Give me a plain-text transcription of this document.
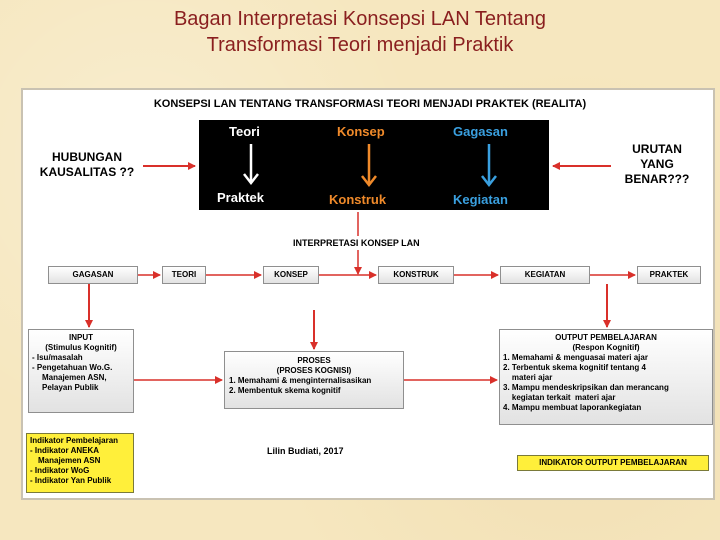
Bagan Interpretasi Konsepsi LAN Tentang
Transformasi Teori menjadi Praktik
KONSEPSI LAN TENTANG TRANSFORMASI TEORI MENJADI PRAKTEK (REALITA)
Teori	Konsep	Gagasan
Praktek	Konstruk	Kegiatan
HUBUNGAN
KAUSALITAS ??
URUTAN
YANG
BENAR???
INTERPRETASI KONSEP LAN
GAGASAN	TEORI	KONSEP	KONSTRUK	KEGIATAN	PRAKTEK
INPUT
(Stimulus Kognitif)
- Isu/masalah
- Pengetahuan Wo.G.
Manajemen ASN,
Pelayan Publik
PROSES
(PROSES KOGNISI)
1. Memahami & menginternalisasikan
2. Membentuk skema kognitif
OUTPUT PEMBELAJARAN
(Respon Kognitif)
1. Memahami & menguasai materi ajar
2. Terbentuk skema kognitif tentang 4
materi ajar
3. Mampu mendeskripsikan dan merancang
kegiatan terkait  materi ajar
4. Mampu membuat laporankegiatan
Indikator Pembelajaran
- Indikator ANEKA
Manajemen ASN
- Indikator WoG
- Indikator Yan Publik
INDIKATOR OUTPUT PEMBELAJARAN
Lilin Budiati, 2017
